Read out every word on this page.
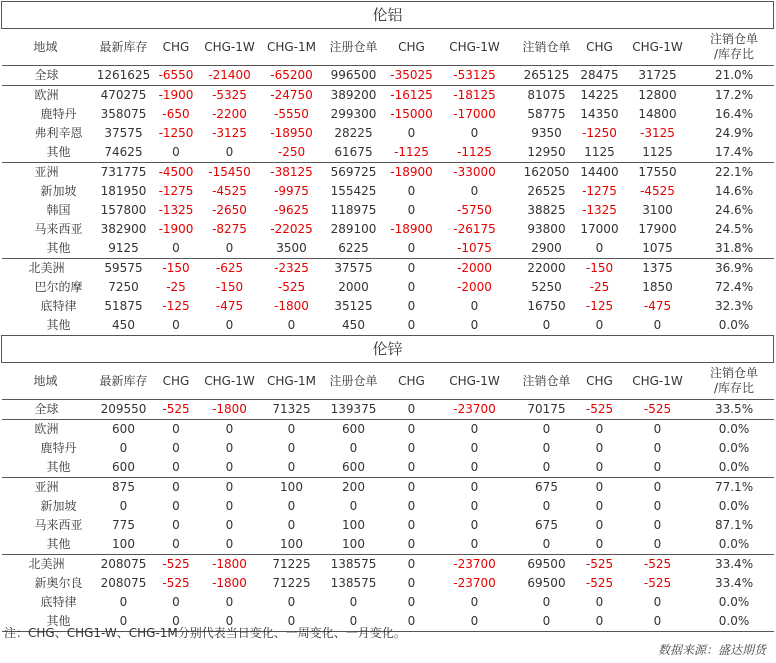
伦铝											
地域	最新库存	CHG	CHG-1W	CHG-1M	注册仓单	CHG	CHG-1W	注销仓单	CHG	CHG-1W	注销仓单
/库存比
全球	1261625	-6550	-21400	-65200	996500	-35025	-53125	265125	28475	31725	21.0%
欧洲	470275	-1900	-5325	-24750	389200	-16125	-18125	81075	14225	12800	17.2%
鹿特丹	358075	-650	-2200	-5550	299300	-15000	-17000	58775	14350	14800	16.4%
弗利辛恩	37575	-1250	-3125	-18950	28225	0	0	9350	-1250	-3125	24.9%
其他	74625	0	0	-250	61675	-1125	-1125	12950	1125	1125	17.4%
亚洲	731775	-4500	-15450	-38125	569725	-18900	-33000	162050	14400	17550	22.1%
新加坡	181950	-1275	-4525	-9975	155425	0	0	26525	-1275	-4525	14.6%
韩国	157800	-1325	-2650	-9625	118975	0	-5750	38825	-1325	3100	24.6%
马来西亚	382900	-1900	-8275	-22025	289100	-18900	-26175	93800	17000	17900	24.5%
其他	9125	0	0	3500	6225	0	-1075	2900	0	1075	31.8%
北美洲	59575	-150	-625	-2325	37575	0	-2000	22000	-150	1375	36.9%
巴尔的摩	7250	-25	-150	-525	2000	0	-2000	5250	-25	1850	72.4%
底特律	51875	-125	-475	-1800	35125	0	0	16750	-125	-475	32.3%
其他	450	0	0	0	450	0	0	0	0	0	0.0%
伦锌											
地域	最新库存	CHG	CHG-1W	CHG-1M	注册仓单	CHG	CHG-1W	注销仓单	CHG	CHG-1W	注销仓单
/库存比
全球	209550	-525	-1800	71325	139375	0	-23700	70175	-525	-525	33.5%
欧洲	600	0	0	0	600	0	0	0	0	0	0.0%
鹿特丹	0	0	0	0	0	0	0	0	0	0	0.0%
其他	600	0	0	0	600	0	0	0	0	0	0.0%
亚洲	875	0	0	100	200	0	0	675	0	0	77.1%
新加坡	0	0	0	0	0	0	0	0	0	0	0.0%
马来西亚	775	0	0	0	100	0	0	675	0	0	87.1%
其他	100	0	0	100	100	0	0	0	0	0	0.0%
北美洲	208075	-525	-1800	71225	138575	0	-23700	69500	-525	-525	33.4%
新奥尔良	208075	-525	-1800	71225	138575	0	-23700	69500	-525	-525	33.4%
底特律	0	0	0	0	0	0	0	0	0	0	0.0%
其他	0	0	0	0	0	0	0	0	0	0	0.0%
注：CHG、CHG1-W、CHG-1M分别代表当日变化、一周变化、一月变化。
数据来源：盛达期货
